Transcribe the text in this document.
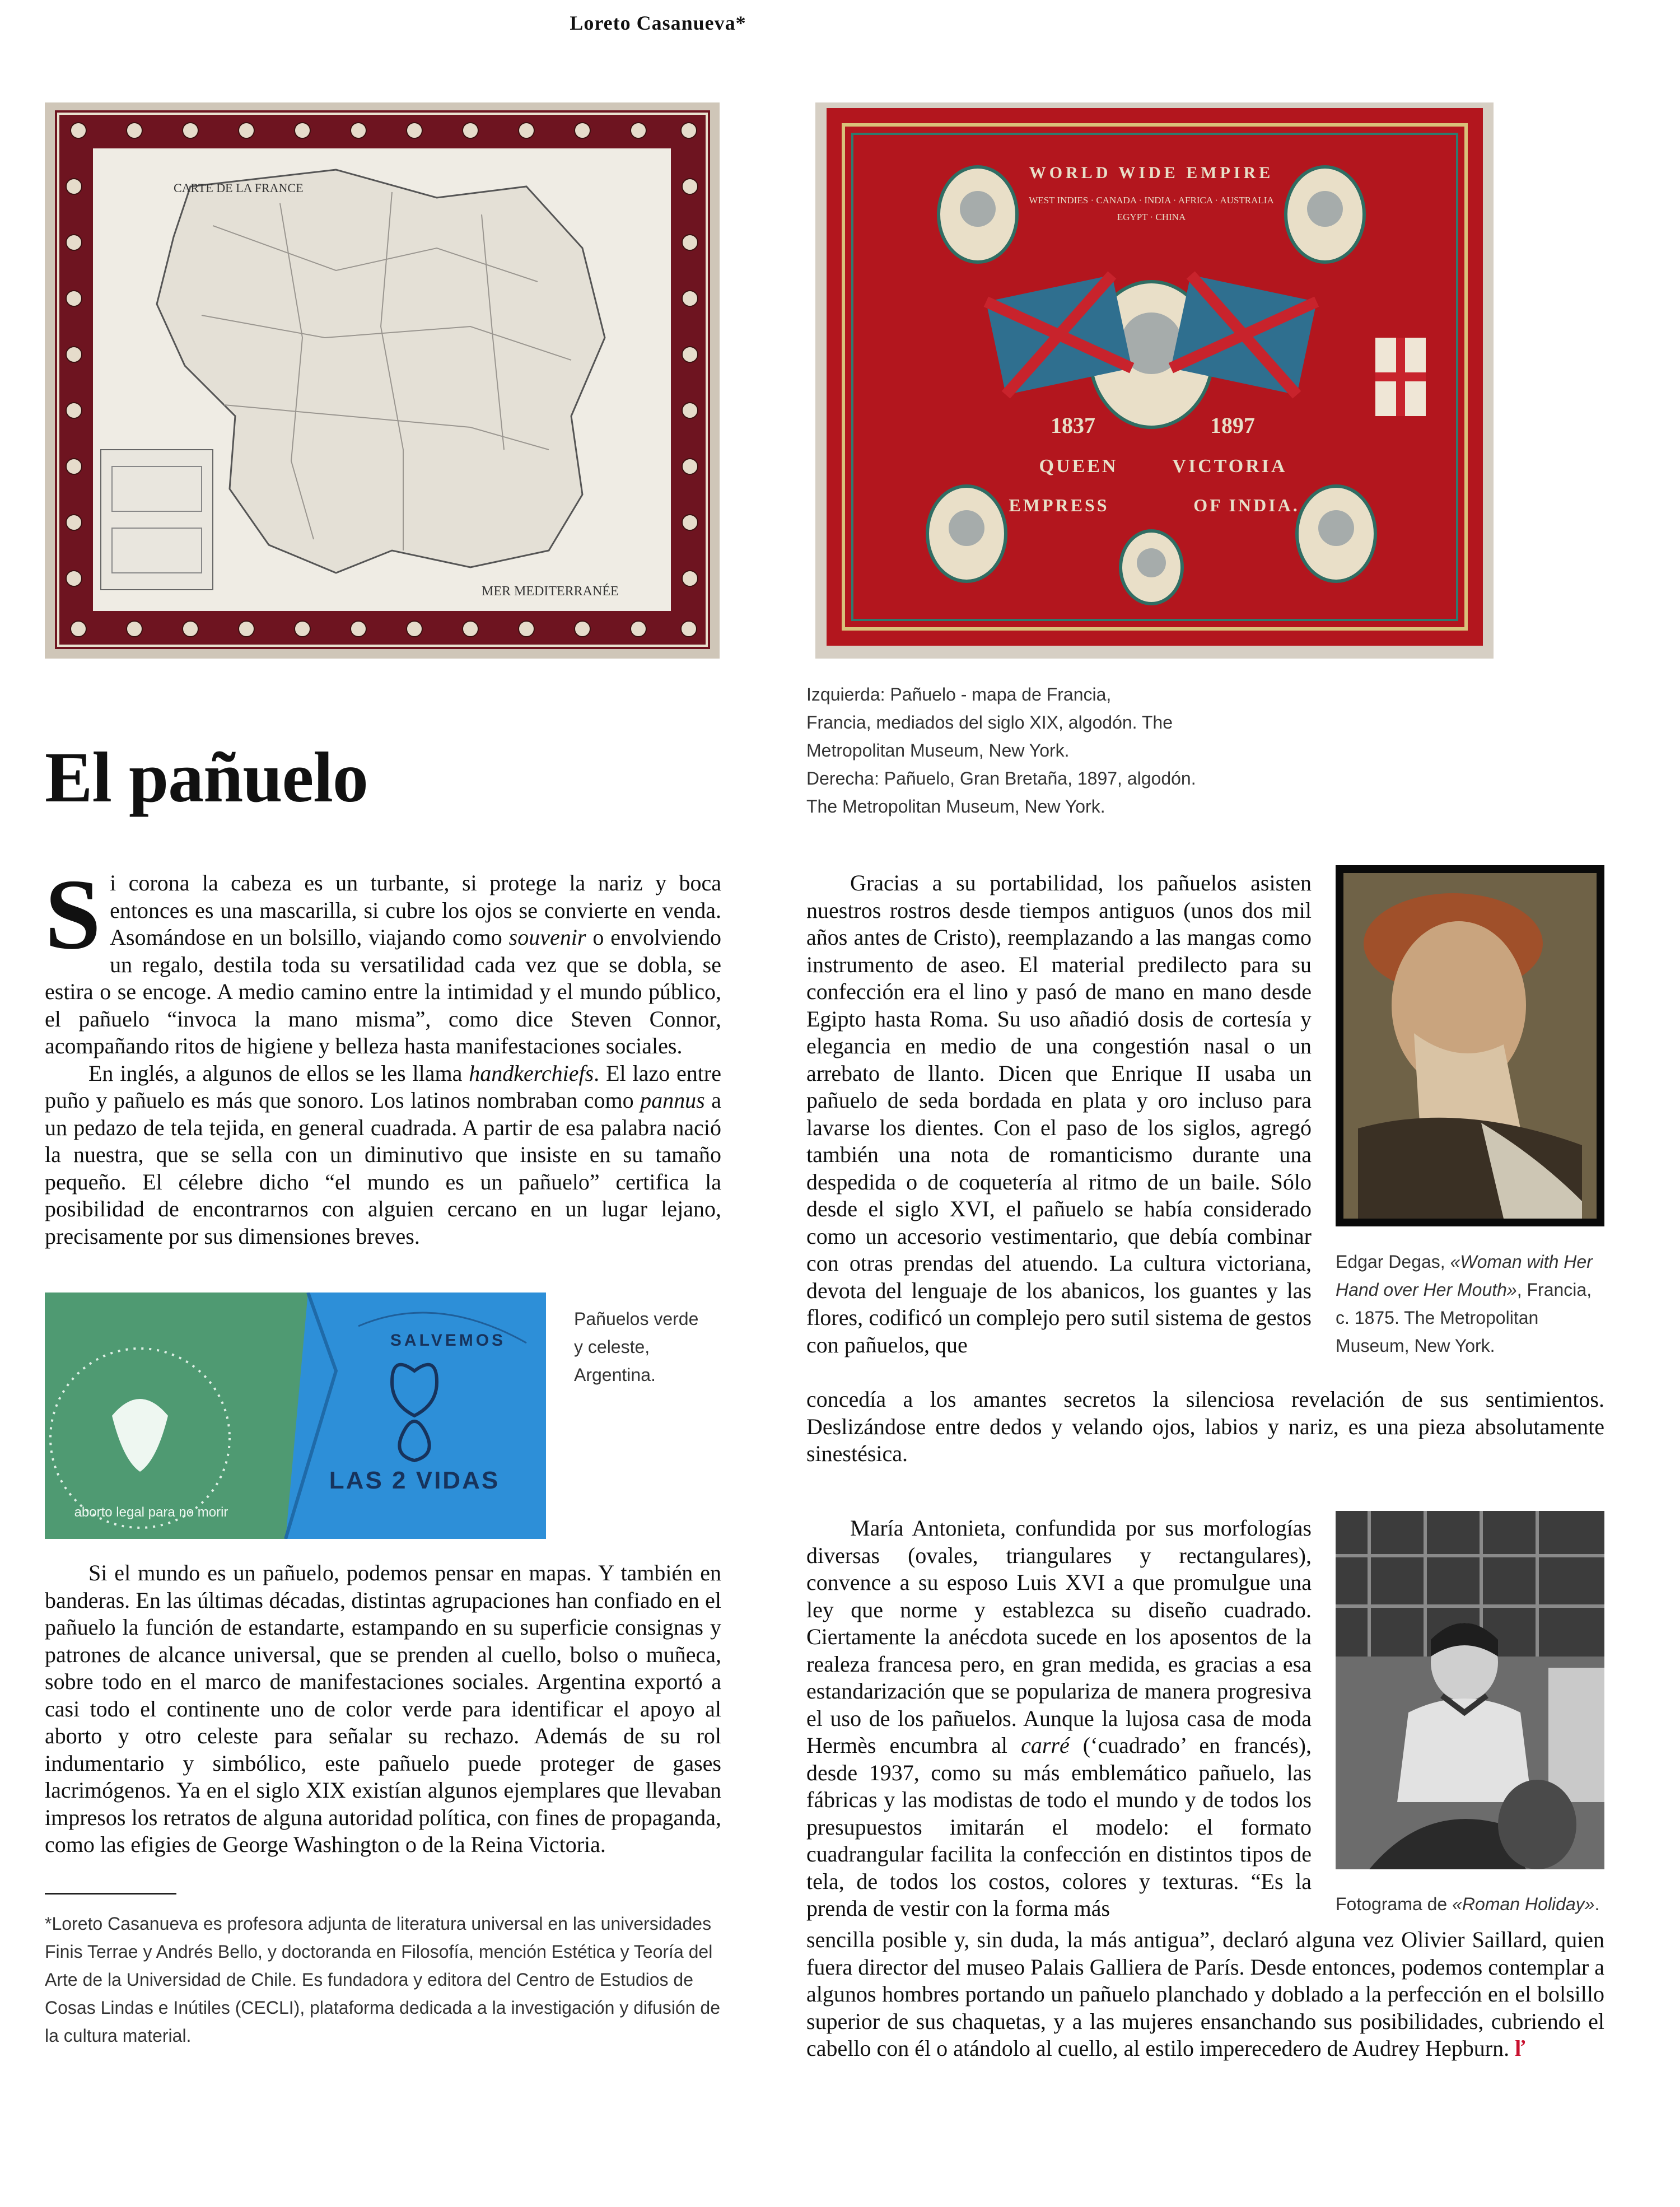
Loreto Casanueva*
CARTE DE LA FRANCE
MER MEDITERRANÉE
WORLD WIDE EMPIRE
WEST INDIES · CANADA · INDIA · AFRICA · AUSTRALIA
EGYPT · CHINA
1837	1897
QUEEN	VICTORIA
EMPRESS	OF INDIA.
Izquierda: Pañuelo - mapa de Francia,
Francia, mediados del siglo XIX, algodón. The
Metropolitan Museum, New York.
Derecha: Pañuelo, Gran Bretaña, 1897, algodón.
The Metropolitan Museum, New York.
El pañuelo

Si corona la cabeza es un turbante, si protege la nariz y boca entonces es una mascarilla, si cubre los ojos se convierte en venda. Asomándose en un bolsillo, viajando como souvenir o envolviendo un regalo, destila toda su versatilidad cada vez que se dobla, se estira o se encoge. A medio camino entre la intimidad y el mundo público, el pañuelo “invoca la mano misma”, como dice Steven Connor, acompañando ritos de higiene y belleza hasta manifestaciones sociales.

En inglés, a algunos de ellos se les llama handkerchiefs. El lazo entre puño y pañuelo es más que sonoro. Los latinos nombraban como pannus a un pedazo de tela tejida, en general cuadrada. A partir de esa palabra nació la nuestra, que se sella con un diminutivo que insiste en su tamaño pequeño. El célebre dicho “el mundo es un pañuelo” certifica la posibilidad de encontrarnos con alguien cercano en un lugar lejano, precisamente por sus dimensiones breves.

aborto legal para no morir
SALVEMOS
LAS 2 VIDAS
Pañuelos verde
y celeste,
Argentina.

Si el mundo es un pañuelo, podemos pensar en mapas. Y también en banderas. En las últimas décadas, distintas agrupaciones han confiado en el pañuelo la función de estandarte, estampando en su superficie consignas y patrones de alcance universal, que se prenden al cuello, bolso o muñeca, sobre todo en el marco de manifestaciones sociales. Argentina exportó a casi todo el continente uno de color verde para identificar el apoyo al aborto y otro celeste para señalar su rechazo. Además de su rol indumentario y simbólico, este pañuelo puede proteger de gases lacrimógenos. Ya en el siglo XIX existían algunos ejemplares que llevaban impresos los retratos de alguna autoridad política, con fines de propaganda, como las efigies de George Washington o de la Reina Victoria.

*Loreto Casanueva es profesora adjunta de literatura universal en las universidades Finis Terrae y Andrés Bello, y doctoranda en Filosofía, mención Estética y Teoría del Arte de la Universidad de Chile. Es fundadora y editora del Centro de Estudios de Cosas Lindas e Inútiles (CECLI), plataforma dedicada a la investigación y difusión de la cultura material.
Edgar Degas, «Woman with Her Hand over Her Mouth», Francia, c. 1875. The Metropolitan Museum, New York.

Gracias a su portabilidad, los pañuelos asisten nuestros rostros desde tiempos antiguos (unos dos mil años antes de Cristo), reemplazando a las mangas como instrumento de aseo. El material predilecto para su confección era el lino y pasó de mano en mano desde Egipto hasta Roma. Su uso añadió dosis de cortesía y elegancia en medio de una congestión nasal o un arrebato de llanto. Dicen que Enrique II usaba un pañuelo de seda bordada en plata y oro incluso para lavarse los dientes. Con el paso de los siglos, agregó también una nota de romanticismo durante una despedida o de coquetería al ritmo de un baile. Sólo desde el siglo XVI, el pañuelo se había considerado como un accesorio vestimentario, que debía combinar con otras prendas del atuendo. La cultura victoriana, devota del lenguaje de los abanicos, los guantes y las flores, codificó un complejo pero sutil sistema de gestos con pañuelos, que

concedía a los amantes secretos la silenciosa revelación de sus sentimientos. Deslizándose entre dedos y velando ojos, labios y nariz, es una pieza absolutamente sinestésica.

Fotograma de «Roman Holiday».

María Antonieta, confundida por sus morfologías diversas (ovales, triangulares y rectangulares), convence a su esposo Luis XVI a que promulgue una ley que norme y establezca su diseño cuadrado. Ciertamente la anécdota sucede en los aposentos de la realeza francesa pero, en gran medida, es gracias a esa estandarización que se populariza de manera progresiva el uso de los pañuelos. Aunque la lujosa casa de moda Hermès encumbra al carré (‘cuadrado’ en francés), desde 1937, como su más emblemático pañuelo, las fábricas y las modistas de todo el mundo y de todos los presupuestos imitarán el modelo: el formato cuadrangular facilita la confección en distintos tipos de tela, de todos los costos, colores y texturas. “Es la prenda de vestir con la forma más

sencilla posible y, sin duda, la más antigua”, declaró alguna vez Olivier Saillard, quien fuera director del museo Palais Galliera de París. Desde entonces, podemos contemplar a algunos hombres portando un pañuelo planchado y doblado a la perfección en el bolsillo superior de sus chaquetas, y a las mujeres ensanchando sus posibilidades, cubriendo el cabello con él o atándolo al cuello, al estilo imperecedero de Audrey Hepburn. ľ
